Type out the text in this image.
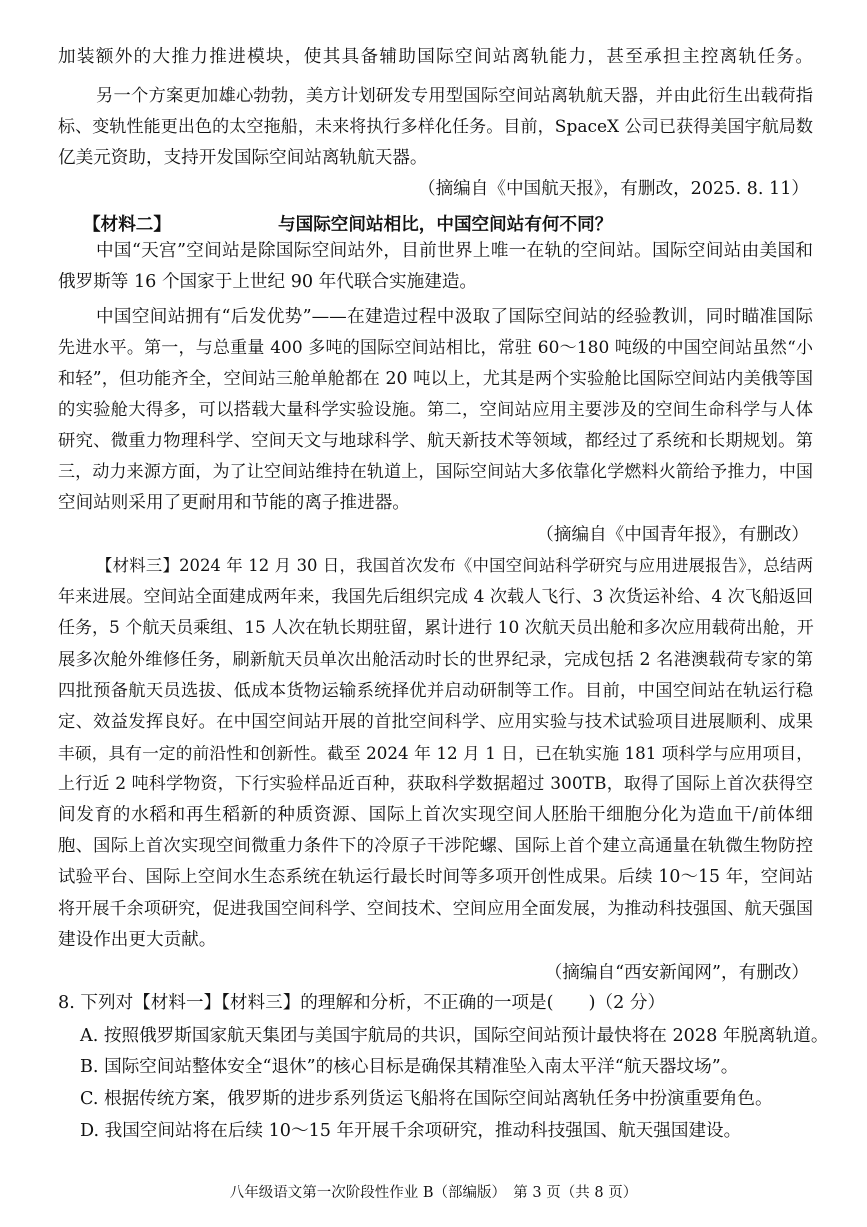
加装额外的大推力推进模块，使其具备辅助国际空间站离轨能力，甚至承担主控离轨任务。
另一个方案更加雄心勃勃，美方计划研发专用型国际空间站离轨航天器，并由此衍生出载荷指
标、变轨性能更出色的太空拖船，未来将执行多样化任务。目前，SpaceX 公司已获得美国宇航局数
亿美元资助，支持开发国际空间站离轨航天器。
（摘编自《中国航天报》，有删改，2025. 8. 11）
【材料二】	与国际空间站相比，中国空间站有何不同？
中国“天宫”空间站是除国际空间站外，目前世界上唯一在轨的空间站。国际空间站由美国和
俄罗斯等 16 个国家于上世纪 90 年代联合实施建造。
中国空间站拥有“后发优势”——在建造过程中汲取了国际空间站的经验教训，同时瞄准国际
先进水平。第一，与总重量 400 多吨的国际空间站相比，常驻 60～180 吨级的中国空间站虽然“小
和轻”，但功能齐全，空间站三舱单舱都在 20 吨以上，尤其是两个实验舱比国际空间站内美俄等国
的实验舱大得多，可以搭载大量科学实验设施。第二，空间站应用主要涉及的空间生命科学与人体
研究、微重力物理科学、空间天文与地球科学、航天新技术等领域，都经过了系统和长期规划。第
三，动力来源方面，为了让空间站维持在轨道上，国际空间站大多依靠化学燃料火箭给予推力，中国
空间站则采用了更耐用和节能的离子推进器。
（摘编自《中国青年报》，有删改）
【材料三】2024 年 12 月 30 日，我国首次发布《中国空间站科学研究与应用进展报告》，总结两
年来进展。空间站全面建成两年来，我国先后组织完成 4 次载人飞行、3 次货运补给、4 次飞船返回
任务，5 个航天员乘组、15 人次在轨长期驻留，累计进行 10 次航天员出舱和多次应用载荷出舱，开
展多次舱外维修任务，刷新航天员单次出舱活动时长的世界纪录，完成包括 2 名港澳载荷专家的第
四批预备航天员选拔、低成本货物运输系统择优并启动研制等工作。目前，中国空间站在轨运行稳
定、效益发挥良好。在中国空间站开展的首批空间科学、应用实验与技术试验项目进展顺利、成果
丰硕，具有一定的前沿性和创新性。截至 2024 年 12 月 1 日，已在轨实施 181 项科学与应用项目，
上行近 2 吨科学物资，下行实验样品近百种，获取科学数据超过 300TB，取得了国际上首次获得空
间发育的水稻和再生稻新的种质资源、国际上首次实现空间人胚胎干细胞分化为造血干/前体细
胞、国际上首次实现空间微重力条件下的冷原子干涉陀螺、国际上首个建立高通量在轨微生物防控
试验平台、国际上空间水生态系统在轨运行最长时间等多项开创性成果。后续 10～15 年，空间站
将开展千余项研究，促进我国空间科学、空间技术、空间应用全面发展，为推动科技强国、航天强国
建设作出更大贡献。
（摘编自“西安新闻网”，有删改）
8. 下列对【材料一】【材料三】的理解和分析，不正确的一项是(　　)（2 分）
A. 按照俄罗斯国家航天集团与美国宇航局的共识，国际空间站预计最快将在 2028 年脱离轨道。
B. 国际空间站整体安全“退休”的核心目标是确保其精准坠入南太平洋“航天器坟场”。
C. 根据传统方案，俄罗斯的进步系列货运飞船将在国际空间站离轨任务中扮演重要角色。
D. 我国空间站将在后续 10～15 年开展千余项研究，推动科技强国、航天强国建设。
八年级语文第一次阶段性作业 B（部编版）　第 3 页（共 8 页）
